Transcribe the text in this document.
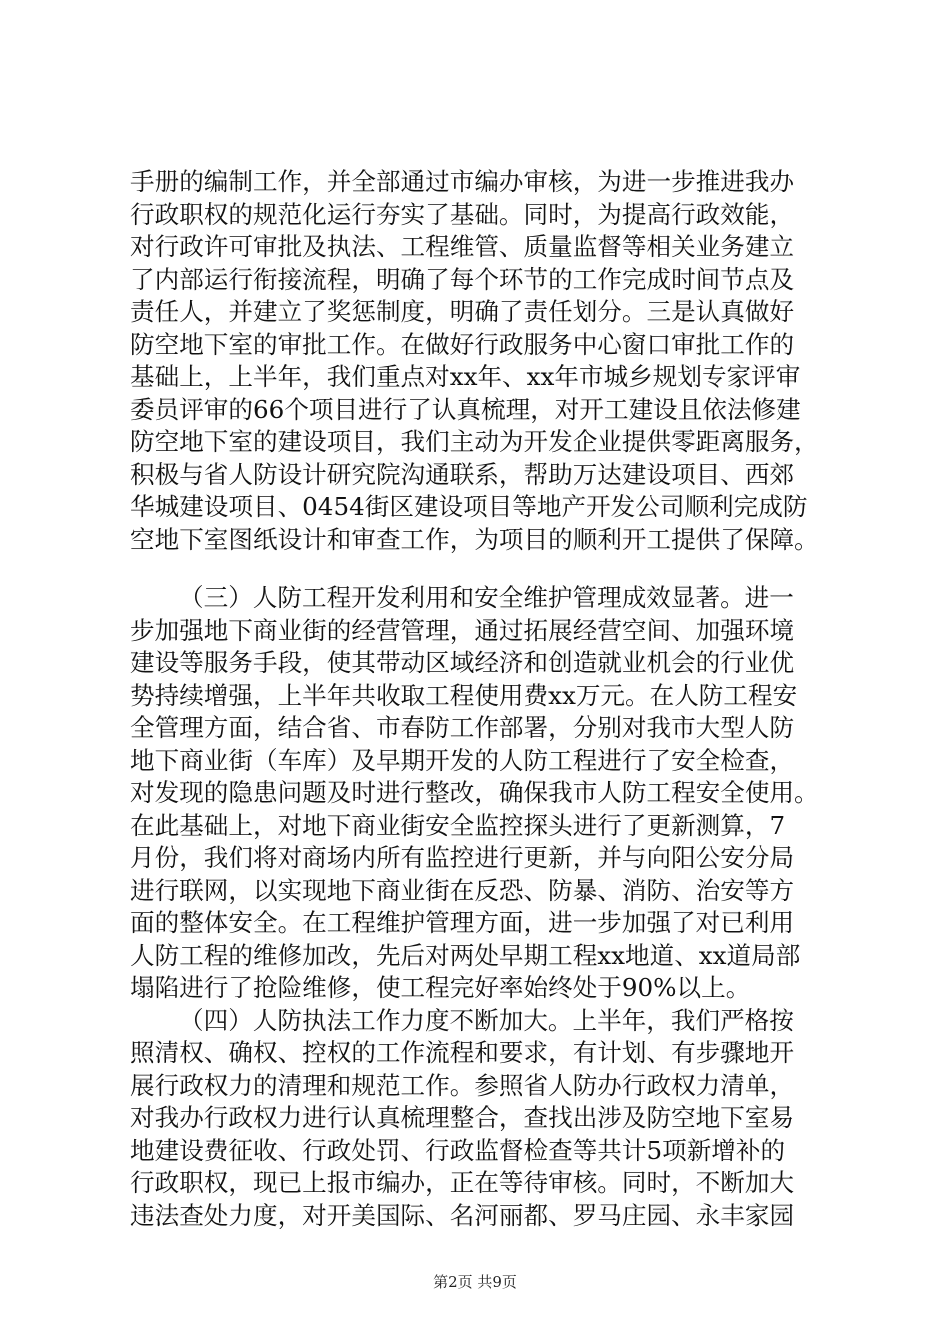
手册的编制工作，并全部通过市编办审核，为进一步推进我办
行政职权的规范化运行夯实了基础。同时，为提高行政效能，
对行政许可审批及执法、工程维管、质量监督等相关业务建立
了内部运行衔接流程，明确了每个环节的工作完成时间节点及
责任人，并建立了奖惩制度，明确了责任划分。三是认真做好
防空地下室的审批工作。在做好行政服务中心窗口审批工作的
基础上，上半年，我们重点对xx年、xx年市城乡规划专家评审
委员评审的66个项目进行了认真梳理，对开工建设且依法修建
防空地下室的建设项目，我们主动为开发企业提供零距离服务，
积极与省人防设计研究院沟通联系，帮助万达建设项目、西郊
华城建设项目、0454街区建设项目等地产开发公司顺利完成防
空地下室图纸设计和审查工作，为项目的顺利开工提供了保障。
（三）人防工程开发利用和安全维护管理成效显著。进一
步加强地下商业街的经营管理，通过拓展经营空间、加强环境
建设等服务手段，使其带动区域经济和创造就业机会的行业优
势持续增强，上半年共收取工程使用费xx万元。在人防工程安
全管理方面，结合省、市春防工作部署，分别对我市大型人防
地下商业街（车库）及早期开发的人防工程进行了安全检查，
对发现的隐患问题及时进行整改，确保我市人防工程安全使用。
在此基础上，对地下商业街安全监控探头进行了更新测算，7
月份，我们将对商场内所有监控进行更新，并与向阳公安分局
进行联网，以实现地下商业街在反恐、防暴、消防、治安等方
面的整体安全。在工程维护管理方面，进一步加强了对已利用
人防工程的维修加改，先后对两处早期工程xx地道、xx道局部
塌陷进行了抢险维修，使工程完好率始终处于90%以上。
（四）人防执法工作力度不断加大。上半年，我们严格按
照清权、确权、控权的工作流程和要求，有计划、有步骤地开
展行政权力的清理和规范工作。参照省人防办行政权力清单，
对我办行政权力进行认真梳理整合，查找出涉及防空地下室易
地建设费征收、行政处罚、行政监督检查等共计5项新增补的
行政职权，现已上报市编办，正在等待审核。同时，不断加大
违法查处力度，对开美国际、名河丽都、罗马庄园、永丰家园
第2页 共9页
